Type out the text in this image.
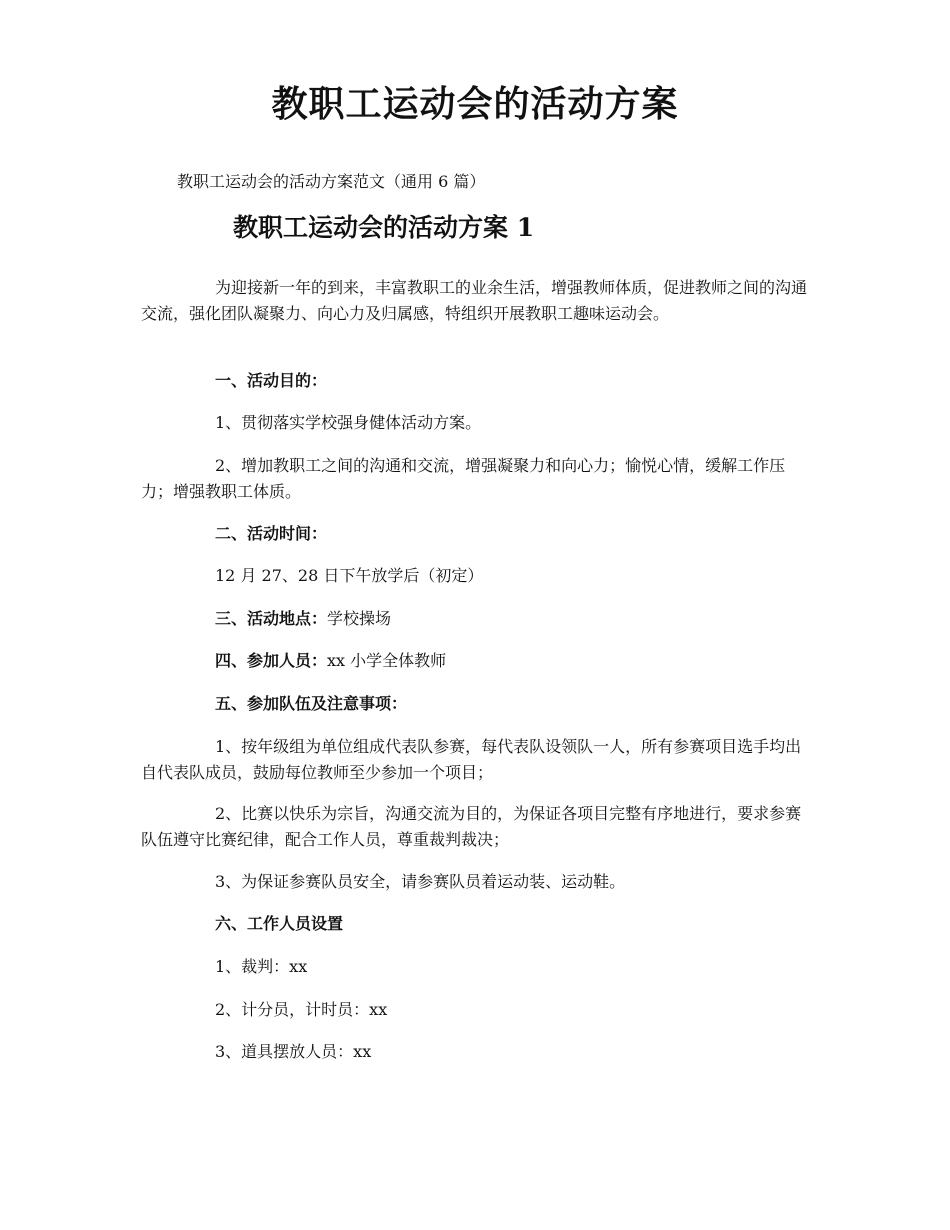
教职工运动会的活动方案
教职工运动会的活动方案范文（通用 6 篇）
教职工运动会的活动方案 1
为迎接新一年的到来，丰富教职工的业余生活，增强教师体质，促进教师之间的沟通交流，强化团队凝聚力、向心力及归属感，特组织开展教职工趣味运动会。
一、活动目的：
1、贯彻落实学校强身健体活动方案。
2、增加教职工之间的沟通和交流，增强凝聚力和向心力；愉悦心情，缓解工作压力；增强教职工体质。
二、活动时间：
12 月 27、28 日下午放学后（初定）
三、活动地点：学校操场
四、参加人员：xx 小学全体教师
五、参加队伍及注意事项：
1、按年级组为单位组成代表队参赛，每代表队设领队一人，所有参赛项目选手均出自代表队成员，鼓励每位教师至少参加一个项目；
2、比赛以快乐为宗旨，沟通交流为目的，为保证各项目完整有序地进行，要求参赛队伍遵守比赛纪律，配合工作人员，尊重裁判裁决；
3、为保证参赛队员安全，请参赛队员着运动装、运动鞋。
六、工作人员设置
1、裁判：xx
2、计分员，计时员：xx
3、道具摆放人员：xx
